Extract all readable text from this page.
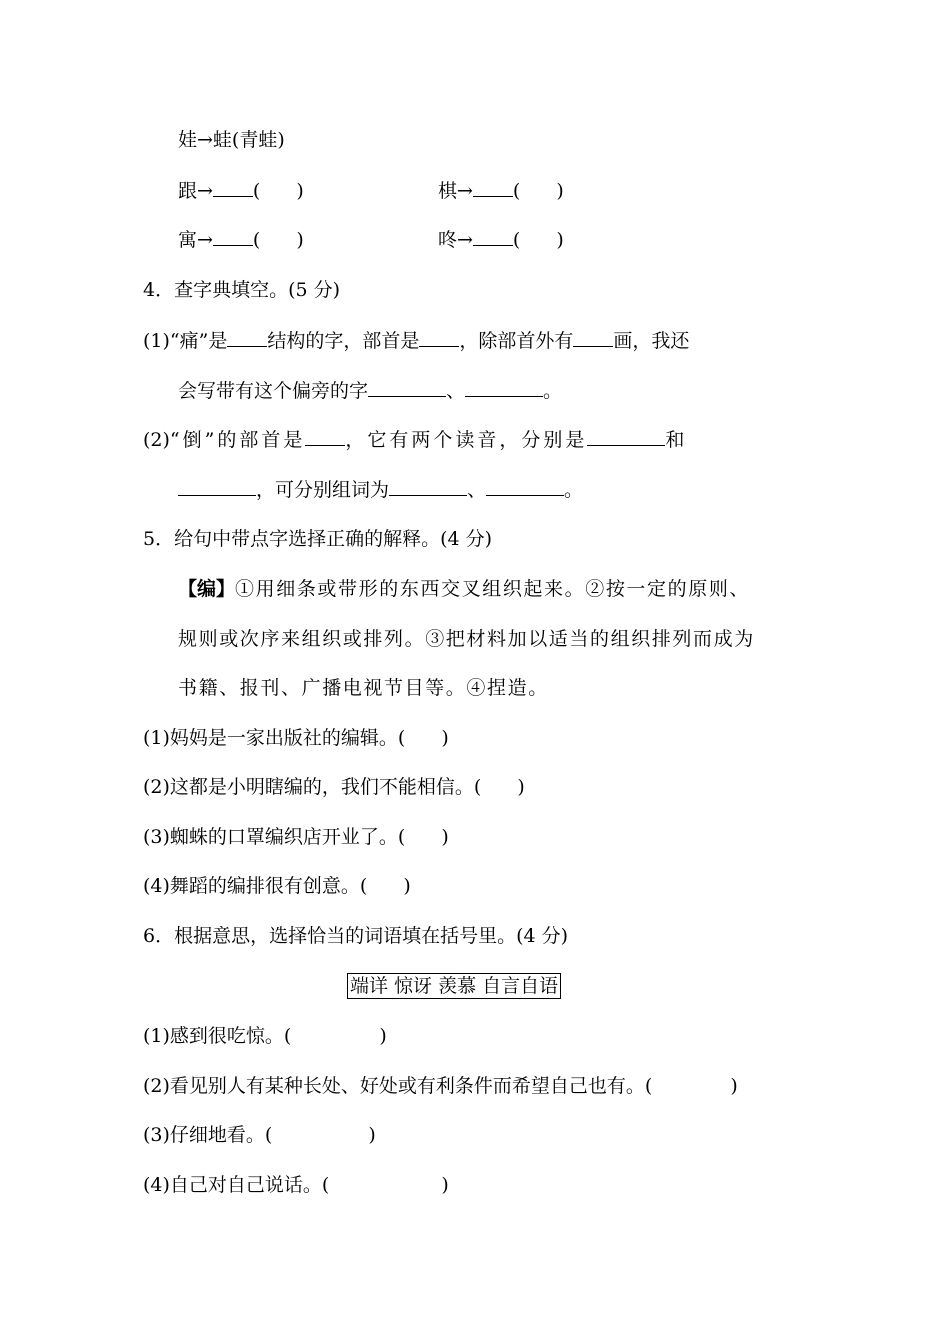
娃→蛙(青蛙)
跟→ ( )	棋→ ( )
寓→ ( )	咚→ ( )
4．查字典填空。(5 分)
(1)“痛”是 结构的字，部首是 ，除部首外有 画，我还
会写带有这个偏旁的字	、	。
(2)“倒”的部首是 ，它有两个读音，分别是	和
，可分别组词为	、	。
5．给句中带点字选择正确的解释。(4 分)
【编】①用细条或带形的东西交叉组织起来。②按一定的原则、
规则或次序来组织或排列。③把材料加以适当的组织排列而成为
书籍、报刊、广播电视节目等。④捏造。
(1)妈妈是一家出版社的编辑。( )
(2)这都是小明瞎编的，我们不能相信。( )
(3)蜘蛛的口罩编织店开业了。( )
(4)舞蹈的编排很有创意。( )
6．根据意思，选择恰当的词语填在括号里。(4 分)
端详 惊讶 羡慕 自言自语
(1)感到很吃惊。(	)
(2)看见别人有某种长处、好处或有利条件而希望自己也有。(	)
(3)仔细地看。(	)
(4)自己对自己说话。(	)
